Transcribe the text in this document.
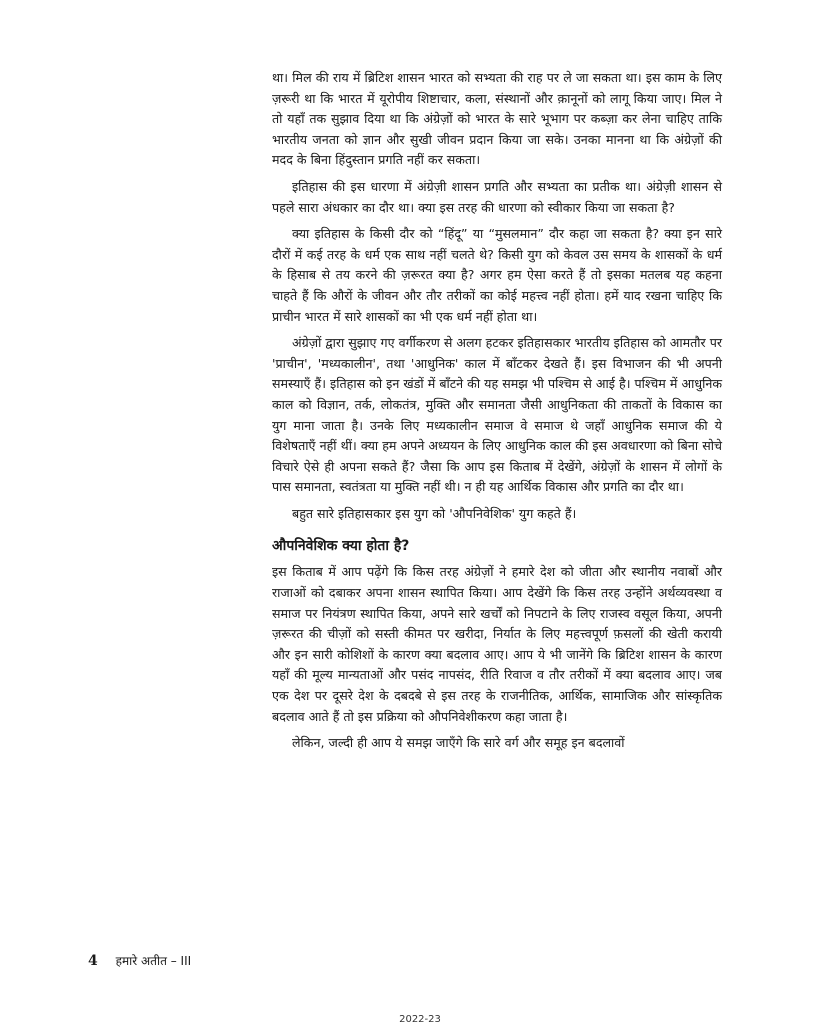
था। मिल की राय में ब्रिटिश शासन भारत को सभ्यता की राह पर ले जा सकता था। इस काम के लिए ज़रूरी था कि भारत में यूरोपीय शिष्टाचार, कला, संस्थानों और क़ानूनों को लागू किया जाए। मिल ने तो यहाँ तक सुझाव दिया था कि अंग्रेज़ों को भारत के सारे भूभाग पर कब्ज़ा कर लेना चाहिए ताकि भारतीय जनता को ज्ञान और सुखी जीवन प्रदान किया जा सके। उनका मानना था कि अंग्रेज़ों की मदद के बिना हिंदुस्तान प्रगति नहीं कर सकता।

इतिहास की इस धारणा में अंग्रेज़ी शासन प्रगति और सभ्यता का प्रतीक था। अंग्रेज़ी शासन से पहले सारा अंधकार का दौर था। क्या इस तरह की धारणा को स्वीकार किया जा सकता है?

क्या इतिहास के किसी दौर को “हिंदू” या “मुसलमान” दौर कहा जा सकता है? क्या इन सारे दौरों में कई तरह के धर्म एक साथ नहीं चलते थे? किसी युग को केवल उस समय के शासकों के धर्म के हिसाब से तय करने की ज़रूरत क्या है? अगर हम ऐसा करते हैं तो इसका मतलब यह कहना चाहते हैं कि औरों के जीवन और तौर तरीकों का कोई महत्त्व नहीं होता। हमें याद रखना चाहिए कि प्राचीन भारत में सारे शासकों का भी एक धर्म नहीं होता था।

अंग्रेज़ों द्वारा सुझाए गए वर्गीकरण से अलग हटकर इतिहासकार भारतीय इतिहास को आमतौर पर 'प्राचीन', 'मध्यकालीन', तथा 'आधुनिक' काल में बाँटकर देखते हैं। इस विभाजन की भी अपनी समस्याएँ हैं। इतिहास को इन खंडों में बाँटने की यह समझ भी पश्चिम से आई है। पश्चिम में आधुनिक काल को विज्ञान, तर्क, लोकतंत्र, मुक्ति और समानता जैसी आधुनिकता की ताकतों के विकास का युग माना जाता है। उनके लिए मध्यकालीन समाज वे समाज थे जहाँ आधुनिक समाज की ये विशेषताएँ नहीं थीं। क्या हम अपने अध्ययन के लिए आधुनिक काल की इस अवधारणा को बिना सोचे विचारे ऐसे ही अपना सकते हैं? जैसा कि आप इस किताब में देखेंगे, अंग्रेज़ों के शासन में लोगों के पास समानता, स्वतंत्रता या मुक्ति नहीं थी। न ही यह आर्थिक विकास और प्रगति का दौर था।

बहुत सारे इतिहासकार इस युग को 'औपनिवेशिक' युग कहते हैं।

औपनिवेशिक क्या होता है?

इस किताब में आप पढ़ेंगे कि किस तरह अंग्रेज़ों ने हमारे देश को जीता और स्थानीय नवाबों और राजाओं को दबाकर अपना शासन स्थापित किया। आप देखेंगे कि किस तरह उन्होंने अर्थव्यवस्था व समाज पर नियंत्रण स्थापित किया, अपने सारे खर्चों को निपटाने के लिए राजस्व वसूल किया, अपनी ज़रूरत की चीज़ों को सस्ती कीमत पर खरीदा, निर्यात के लिए महत्त्वपूर्ण फ़सलों की खेती करायी और इन सारी कोशिशों के कारण क्या बदलाव आए। आप ये भी जानेंगे कि ब्रिटिश शासन के कारण यहाँ की मूल्य मान्यताओं और पसंद नापसंद, रीति रिवाज व तौर तरीकों में क्या बदलाव आए। जब एक देश पर दूसरे देश के दबदबे से इस तरह के राजनीतिक, आर्थिक, सामाजिक और सांस्कृतिक बदलाव आते हैं तो इस प्रक्रिया को औपनिवेशीकरण कहा जाता है।

लेकिन, जल्दी ही आप ये समझ जाएँगे कि सारे वर्ग और समूह इन बदलावों

4 हमारे अतीत – III
2022-23
